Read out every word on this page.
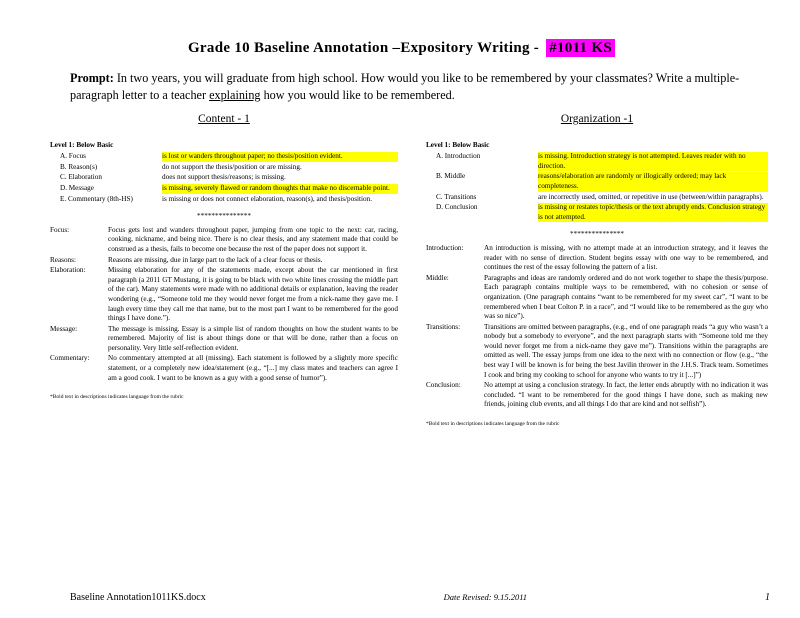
Grade 10 Baseline Annotation –Expository Writing - #1011 KS
Prompt: In two years, you will graduate from high school. How would you like to be remembered by your classmates? Write a multiple-paragraph letter to a teacher explaining how you would like to be remembered.
Content - 1
Level 1: Below Basic
A. Focus	is lost or wanders throughout paper; no thesis/position evident.
B. Reason(s)	do not support the thesis/position or are missing.
C. Elaboration	does not support thesis/reasons; is missing.
D. Message	is missing, severely flawed or random thoughts that make no discernable point.
E. Commentary (8th-HS)	is missing or does not connect elaboration, reason(s), and thesis/position.
***************
Focus:	Focus gets lost and wanders throughout paper, jumping from one topic to the next: car, racing, cooking, nickname, and being nice. There is no clear thesis, and any statement made that could be construed as a thesis, fails to become one because the rest of the paper does not support it.
Reasons:	Reasons are missing, due in large part to the lack of a clear focus or thesis.
Elaboration:	Missing elaboration for any of the statements made, except about the car mentioned in first paragraph (a 2011 GT Mustang, it is going to be black with two white lines crossing the middle part of the car). Many statements were made with no additional details or explanation, leaving the reader wondering (e.g., “Someone told me they would never forget me from a nick-name they gave me. I laugh every time they call me that name, but to the most part I want to be remembered for the good things I have done.”).
Message:	The message is missing. Essay is a simple list of random thoughts on how the student wants to be remembered. Majority of list is about things done or that will be done, rather than a focus on personality. Very little self-reflection evident.
Commentary:	No commentary attempted at all (missing). Each statement is followed by a slightly more specific statement, or a completely new idea/statement (e.g., “[...] my class mates and teachers can agree I am a good cook. I want to be known as a guy with a good sense of humor”).
*Bold text in descriptions indicates language from the rubric
Organization -1
Level 1: Below Basic
A. Introduction	is missing. Introduction strategy is not attempted. Leaves reader with no direction.
B. Middle	reasons/elaboration are randomly or illogically ordered; may lack completeness.
C. Transitions	are incorrectly used, omitted, or repetitive in use (between/within paragraphs).
D. Conclusion	is missing or restates topic/thesis or the text abruptly ends. Conclusion strategy is not attempted.
***************
Introduction:	An introduction is missing, with no attempt made at an introduction strategy, and it leaves the reader with no sense of direction. Student begins essay with one way to be remembered, and continues the rest of the essay following the pattern of a list.
Middle:	Paragraphs and ideas are randomly ordered and do not work together to shape the thesis/purpose. Each paragraph contains multiple ways to be remembered, with no cohesion or sense of organization. (One paragraph contains “want to be remembered for my sweet car”, “I want to be remembered when I beat Colton P. in a race”, and “I would like to be remembered as the guy who was so nice”).
Transitions:	Transitions are omitted between paragraphs, (e.g., end of one paragraph reads “a guy who wasn’t a nobody but a somebody to everyone”, and the next paragraph starts with “Someone told me they would never forget me from a nick-name they gave me”). Transitions within the paragraphs are omitted as well. The essay jumps from one idea to the next with no connection or flow (e.g., “the best way I will be known is for being the best Javilin thrower in the J.H.S. Track team. Sometimes I cook and bring my cooking to school for anyone who wants to try it [...]”)
Conclusion:	No attempt at using a conclusion strategy. In fact, the letter ends abruptly with no indication it was concluded. “I want to be remembered for the good things I have done, such as making new friends, joining club events, and all things I do that are kind and not selfish”).
*Bold text in descriptions indicates language from the rubric
Baseline Annotation1011KS.docx	Date Revised: 9.15.2011	1
